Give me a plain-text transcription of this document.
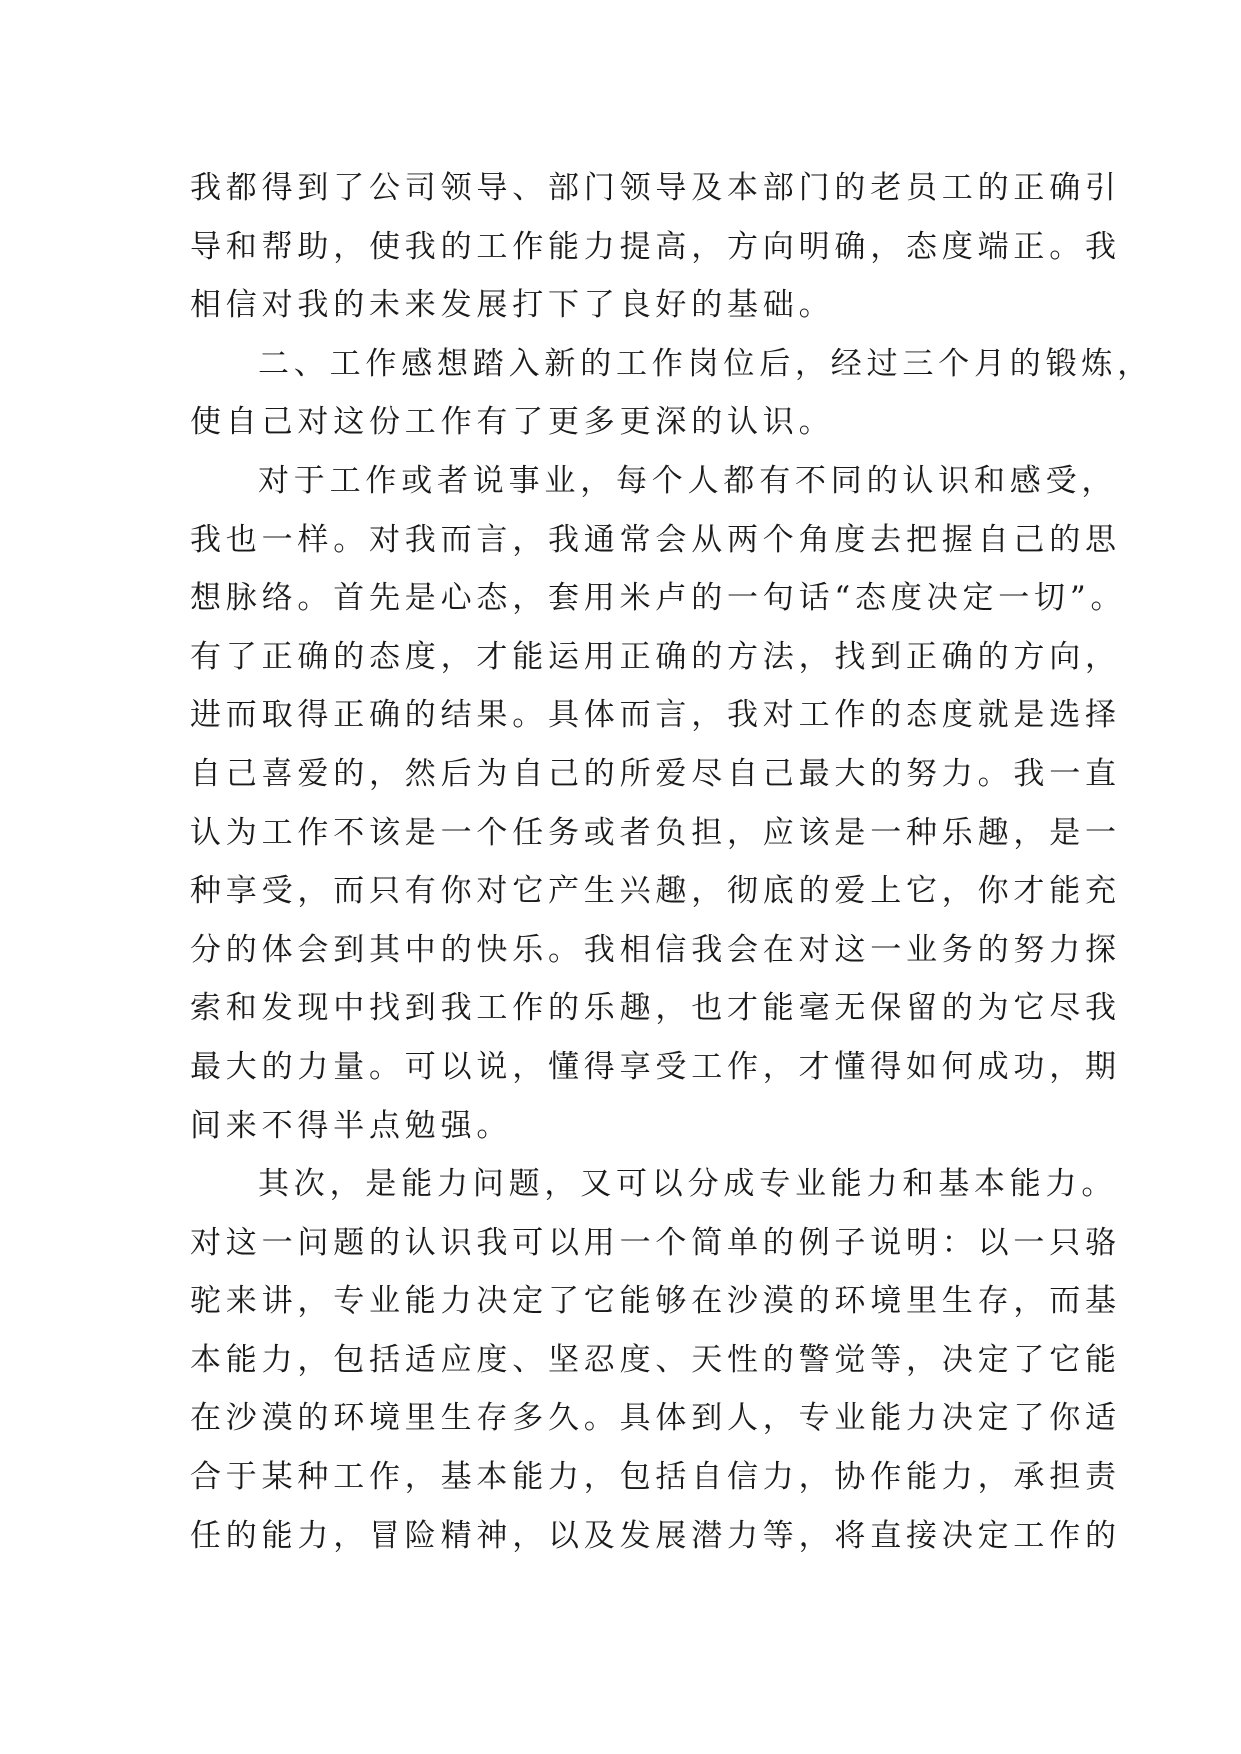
我都得到了公司领导、部门领导及本部门的老员工的正确引
导和帮助，使我的工作能力提高，方向明确，态度端正。我
相信对我的未来发展打下了良好的基础。
二、工作感想踏入新的工作岗位后，经过三个月的锻炼，
使自己对这份工作有了更多更深的认识。
对于工作或者说事业，每个人都有不同的认识和感受，
我也一样。对我而言，我通常会从两个角度去把握自己的思
想脉络。首先是心态，套用米卢的一句话“态度决定一切”。
有了正确的态度，才能运用正确的方法，找到正确的方向，
进而取得正确的结果。具体而言，我对工作的态度就是选择
自己喜爱的，然后为自己的所爱尽自己最大的努力。我一直
认为工作不该是一个任务或者负担，应该是一种乐趣，是一
种享受，而只有你对它产生兴趣，彻底的爱上它，你才能充
分的体会到其中的快乐。我相信我会在对这一业务的努力探
索和发现中找到我工作的乐趣，也才能毫无保留的为它尽我
最大的力量。可以说，懂得享受工作，才懂得如何成功，期
间来不得半点勉强。
其次，是能力问题，又可以分成专业能力和基本能力。
对这一问题的认识我可以用一个简单的例子说明：以一只骆
驼来讲，专业能力决定了它能够在沙漠的环境里生存，而基
本能力，包括适应度、坚忍度、天性的警觉等，决定了它能
在沙漠的环境里生存多久。具体到人，专业能力决定了你适
合于某种工作，基本能力，包括自信力，协作能力，承担责
任的能力，冒险精神，以及发展潜力等，将直接决定工作的
